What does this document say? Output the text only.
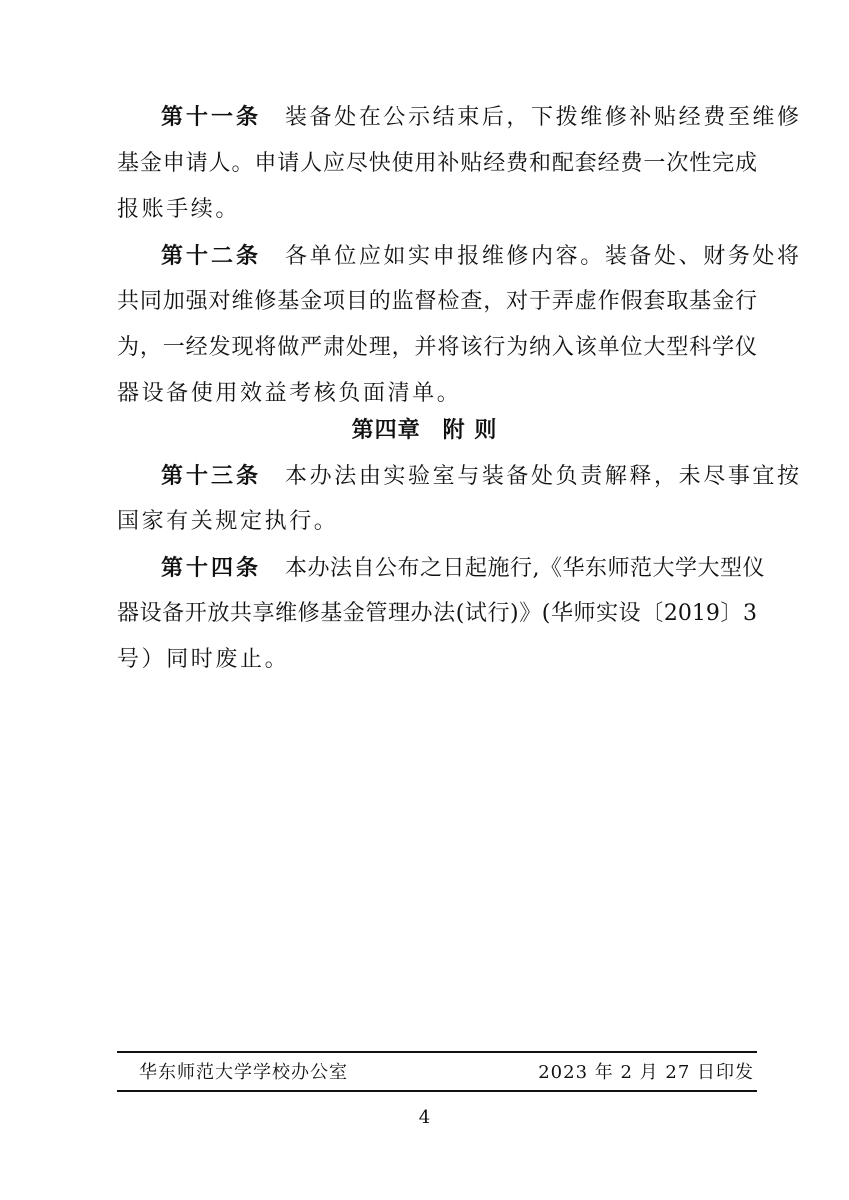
第十一条 装备处在公示结束后，下拨维修补贴经费至维修
基金申请人。申请人应尽快使用补贴经费和配套经费一次性完成
报账手续。
第十二条 各单位应如实申报维修内容。装备处、财务处将
共同加强对维修基金项目的监督检查，对于弄虚作假套取基金行
为，一经发现将做严肃处理，并将该行为纳入该单位大型科学仪
器设备使用效益考核负面清单。
第四章 附 则
第十三条 本办法由实验室与装备处负责解释，未尽事宜按
国家有关规定执行。
第十四条 本办法自公布之日起施行,《华东师范大学大型仪
器设备开放共享维修基金管理办法(试行)》(华师实设〔2019〕3
号）同时废止。
华东师范大学学校办公室	2023 年 2 月 27 日印发
4
